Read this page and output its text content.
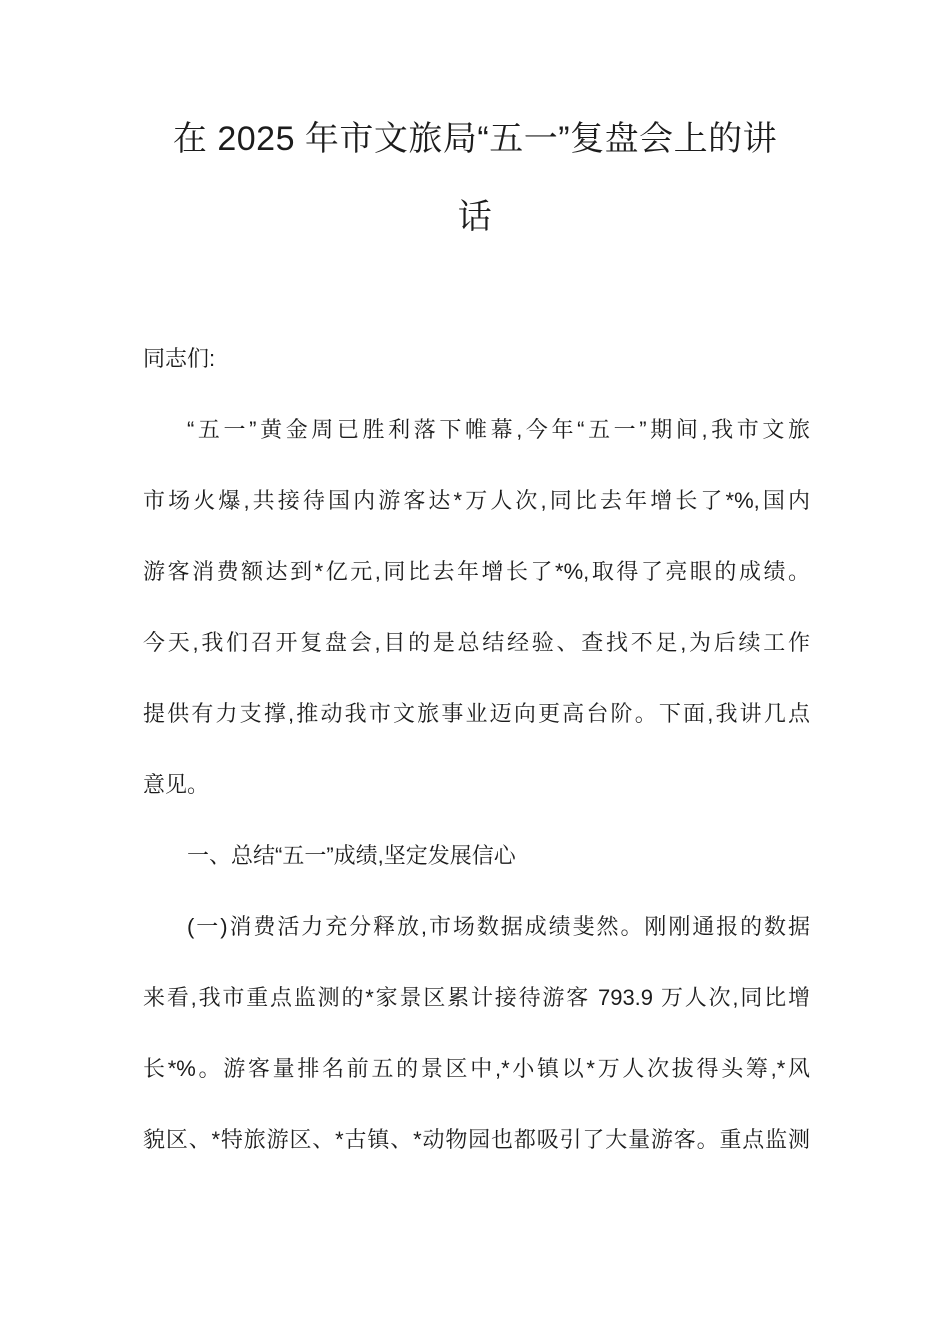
在 2025 年市文旅局“五一”复盘会上的讲
话
同志们:
“五一”黄金周已胜利落下帷幕,今年“五一”期间,我市文旅
市场火爆,共接待国内游客达*万人次,同比去年增长了*%,国内
游客消费额达到*亿元,同比去年增长了*%,取得了亮眼的成绩。
今天,我们召开复盘会,目的是总结经验、查找不足,为后续工作
提供有力支撑,推动我市文旅事业迈向更高台阶。下面,我讲几点
意见。
一、总结“五一”成绩,坚定发展信心
(一)消费活力充分释放,市场数据成绩斐然。刚刚通报的数据
来看,我市重点监测的*家景区累计接待游客 793.9 万人次,同比增
长*%。游客量排名前五的景区中,*小镇以*万人次拔得头筹,*风
貌区、*特旅游区、*古镇、*动物园也都吸引了大量游客。重点监测
